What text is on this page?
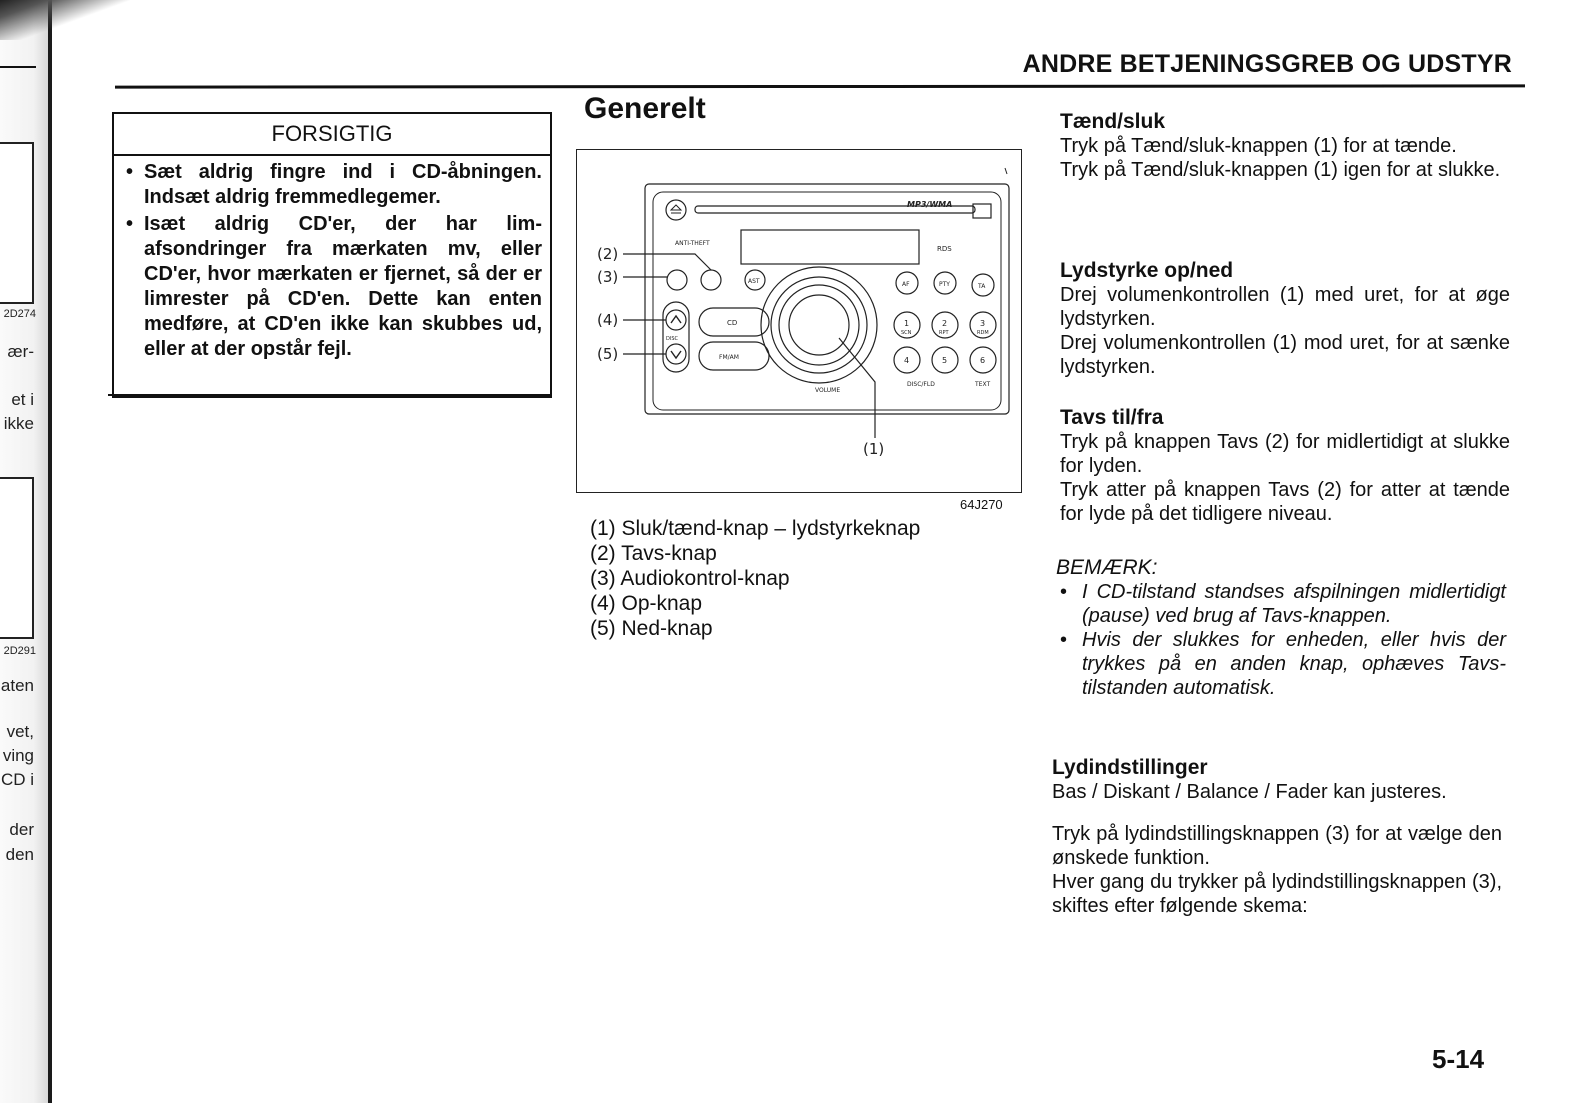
2D274
ær-
et i
ikke
2D291
aten
vet,
ving
CD i
der
den
ANDRE BETJENINGSGREB OG UDSTYR
FORSIGTIG
• Sæt aldrig fingre ind i CD-åbningen. Indsæt aldrig fremmedlegemer.
• Isæt aldrig CD'er, der har lim-afsondringer fra mærkaten mv, eller CD'er, hvor mærkaten er fjernet, så der er limrester på CD'en. Dette kan enten medføre, at CD'en ikke kan skubbes ud, eller at der opstår fejl.
Generelt
MP3/WMA
ANTI-THEFT
RDS
AST	AF	PTY	TA
CD
FM/AM
DISC
1	2	3
SCN	RPT	RDM
4	5	6
VOLUME
DISC/FLD	TEXT
(2)
(3)
(4)
(5)
(1)
64J270
(1) Sluk/tænd-knap – lydstyrkeknap
(2) Tavs-knap
(3) Audiokontrol-knap
(4) Op-knap
(5) Ned-knap

Tænd/sluk

Tryk på Tænd/sluk-knappen (1) for at tænde.

Tryk på Tænd/sluk-knappen (1) igen for at slukke.

Lydstyrke op/ned

Drej volumenkontrollen (1) med uret, for at øge lydstyrken.

Drej volumenkontrollen (1) mod uret, for at sænke lydstyrken.

Tavs til/fra

Tryk på knappen Tavs (2) for midlertidigt at slukke for lyden.

Tryk atter på knappen Tavs (2) for atter at tænde for lyde på det tidligere niveau.

BEMÆRK:

• I CD-tilstand standses afspilningen midlertidigt (pause) ved brug af Tavs-knappen.
• Hvis der slukkes for enheden, eller hvis der trykkes på en anden knap, ophæves Tavs-tilstanden automatisk.

Lydindstillinger

Bas / Diskant / Balance / Fader kan justeres.

Tryk på lydindstillingsknappen (3) for at vælge den ønskede funktion.

Hver gang du trykker på lydindstillingsknappen (3), skiftes efter følgende skema:

5-14
